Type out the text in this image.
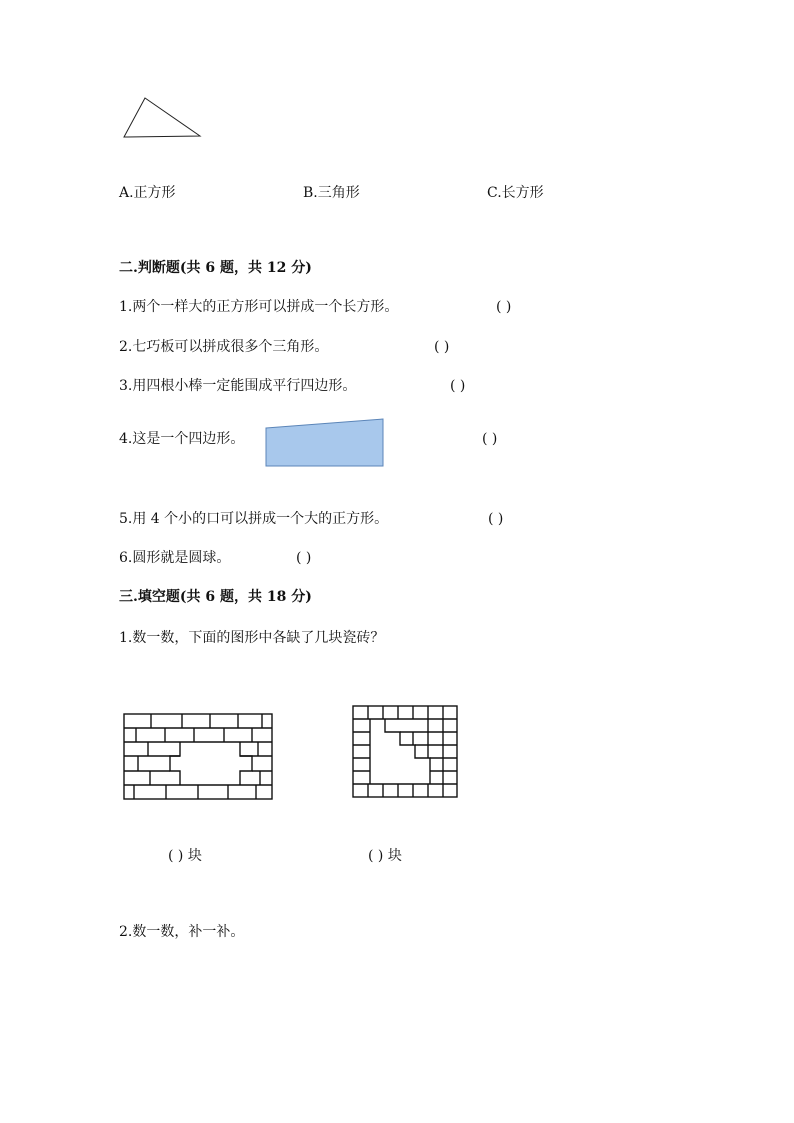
A.正方形	B.三角形	C.长方形
二.判断题(共 6 题，共 12 分)
1.两个一样大的正方形可以拼成一个长方形。	( )
2.七巧板可以拼成很多个三角形。	( )
3.用四根小棒一定能围成平行四边形。	( )
4.这是一个四边形。	( )
5.用 4 个小的口可以拼成一个大的正方形。	( )
6.圆形就是圆球。	( )
三.填空题(共 6 题，共 18 分)
1.数一数，下面的图形中各缺了几块瓷砖？
( ) 块	( ) 块
2.数一数，补一补。
